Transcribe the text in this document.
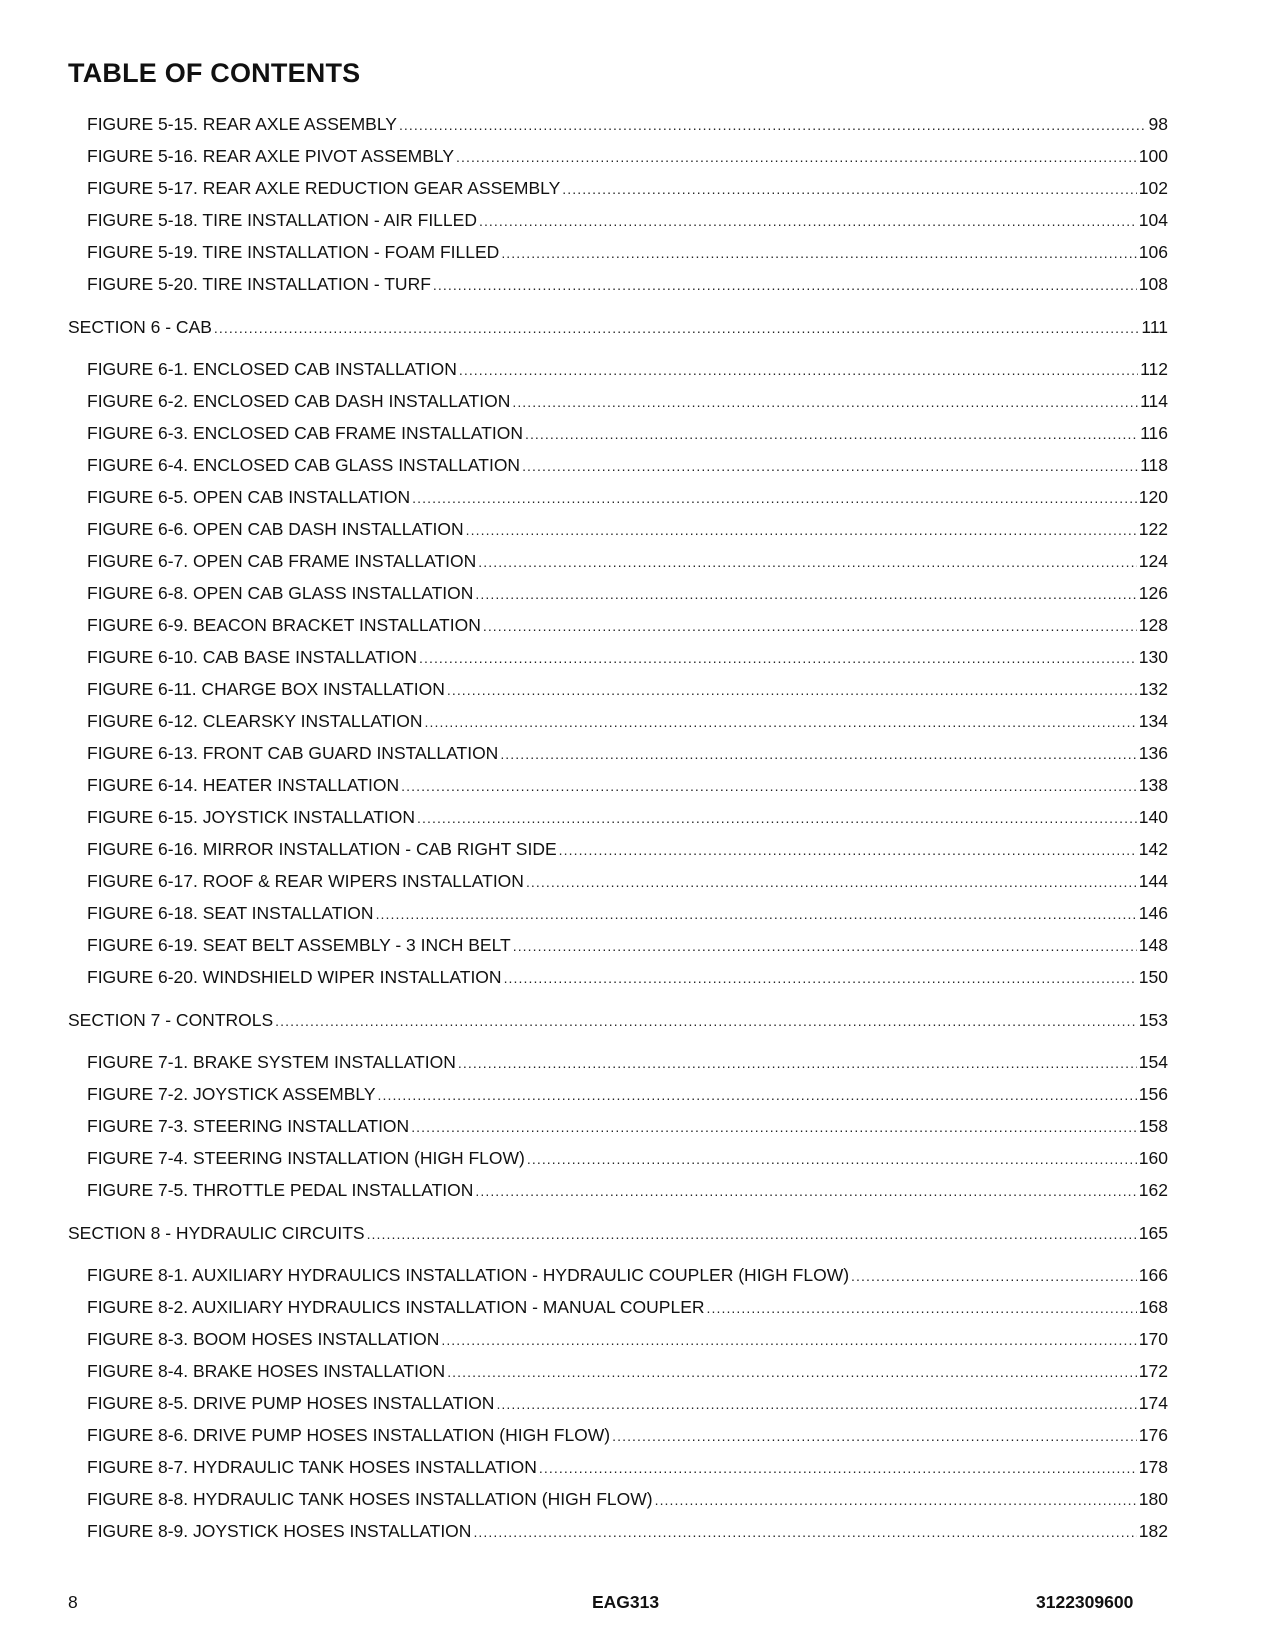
TABLE OF CONTENTS
FIGURE 5-15. REAR AXLE ASSEMBLY . . .	98
FIGURE 5-16. REAR AXLE PIVOT ASSEMBLY . . .	100
FIGURE 5-17. REAR AXLE REDUCTION GEAR ASSEMBLY . . .	102
FIGURE 5-18. TIRE INSTALLATION - AIR FILLED . . .	104
FIGURE 5-19. TIRE INSTALLATION - FOAM FILLED . . .	106
FIGURE 5-20. TIRE INSTALLATION - TURF . . .	108
SECTION 6 - CAB . . .	111
FIGURE 6-1. ENCLOSED CAB INSTALLATION . . .	112
FIGURE 6-2. ENCLOSED CAB DASH INSTALLATION . . .	114
FIGURE 6-3. ENCLOSED CAB FRAME INSTALLATION . . .	116
FIGURE 6-4. ENCLOSED CAB GLASS INSTALLATION . . .	118
FIGURE 6-5. OPEN CAB INSTALLATION . . .	120
FIGURE 6-6. OPEN CAB DASH INSTALLATION . . .	122
FIGURE 6-7. OPEN CAB FRAME INSTALLATION . . .	124
FIGURE 6-8. OPEN CAB GLASS INSTALLATION . . .	126
FIGURE 6-9. BEACON BRACKET INSTALLATION . . .	128
FIGURE 6-10. CAB BASE INSTALLATION . . .	130
FIGURE 6-11. CHARGE BOX INSTALLATION . . .	132
FIGURE 6-12. CLEARSKY INSTALLATION . . .	134
FIGURE 6-13. FRONT CAB GUARD INSTALLATION . . .	136
FIGURE 6-14. HEATER INSTALLATION . . .	138
FIGURE 6-15. JOYSTICK INSTALLATION . . .	140
FIGURE 6-16. MIRROR INSTALLATION - CAB RIGHT SIDE . . .	142
FIGURE 6-17. ROOF & REAR WIPERS INSTALLATION . . .	144
FIGURE 6-18. SEAT INSTALLATION . . .	146
FIGURE 6-19. SEAT BELT ASSEMBLY - 3 INCH BELT . . .	148
FIGURE 6-20. WINDSHIELD WIPER INSTALLATION . . .	150
SECTION 7 - CONTROLS . . .	153
FIGURE 7-1. BRAKE SYSTEM INSTALLATION . . .	154
FIGURE 7-2. JOYSTICK ASSEMBLY . . .	156
FIGURE 7-3. STEERING INSTALLATION . . .	158
FIGURE 7-4. STEERING INSTALLATION (HIGH FLOW) . . .	160
FIGURE 7-5. THROTTLE PEDAL INSTALLATION . . .	162
SECTION 8 - HYDRAULIC CIRCUITS . . .	165
FIGURE 8-1. AUXILIARY HYDRAULICS INSTALLATION - HYDRAULIC COUPLER (HIGH FLOW) . . .	166
FIGURE 8-2. AUXILIARY HYDRAULICS INSTALLATION - MANUAL COUPLER . . .	168
FIGURE 8-3. BOOM HOSES INSTALLATION . . .	170
FIGURE 8-4. BRAKE HOSES INSTALLATION . . .	172
FIGURE 8-5. DRIVE PUMP HOSES INSTALLATION . . .	174
FIGURE 8-6. DRIVE PUMP HOSES INSTALLATION (HIGH FLOW) . . .	176
FIGURE 8-7. HYDRAULIC TANK HOSES INSTALLATION . . .	178
FIGURE 8-8. HYDRAULIC TANK HOSES INSTALLATION (HIGH FLOW) . . .	180
FIGURE 8-9. JOYSTICK HOSES INSTALLATION . . .	182
8	EAG313	3122309600
